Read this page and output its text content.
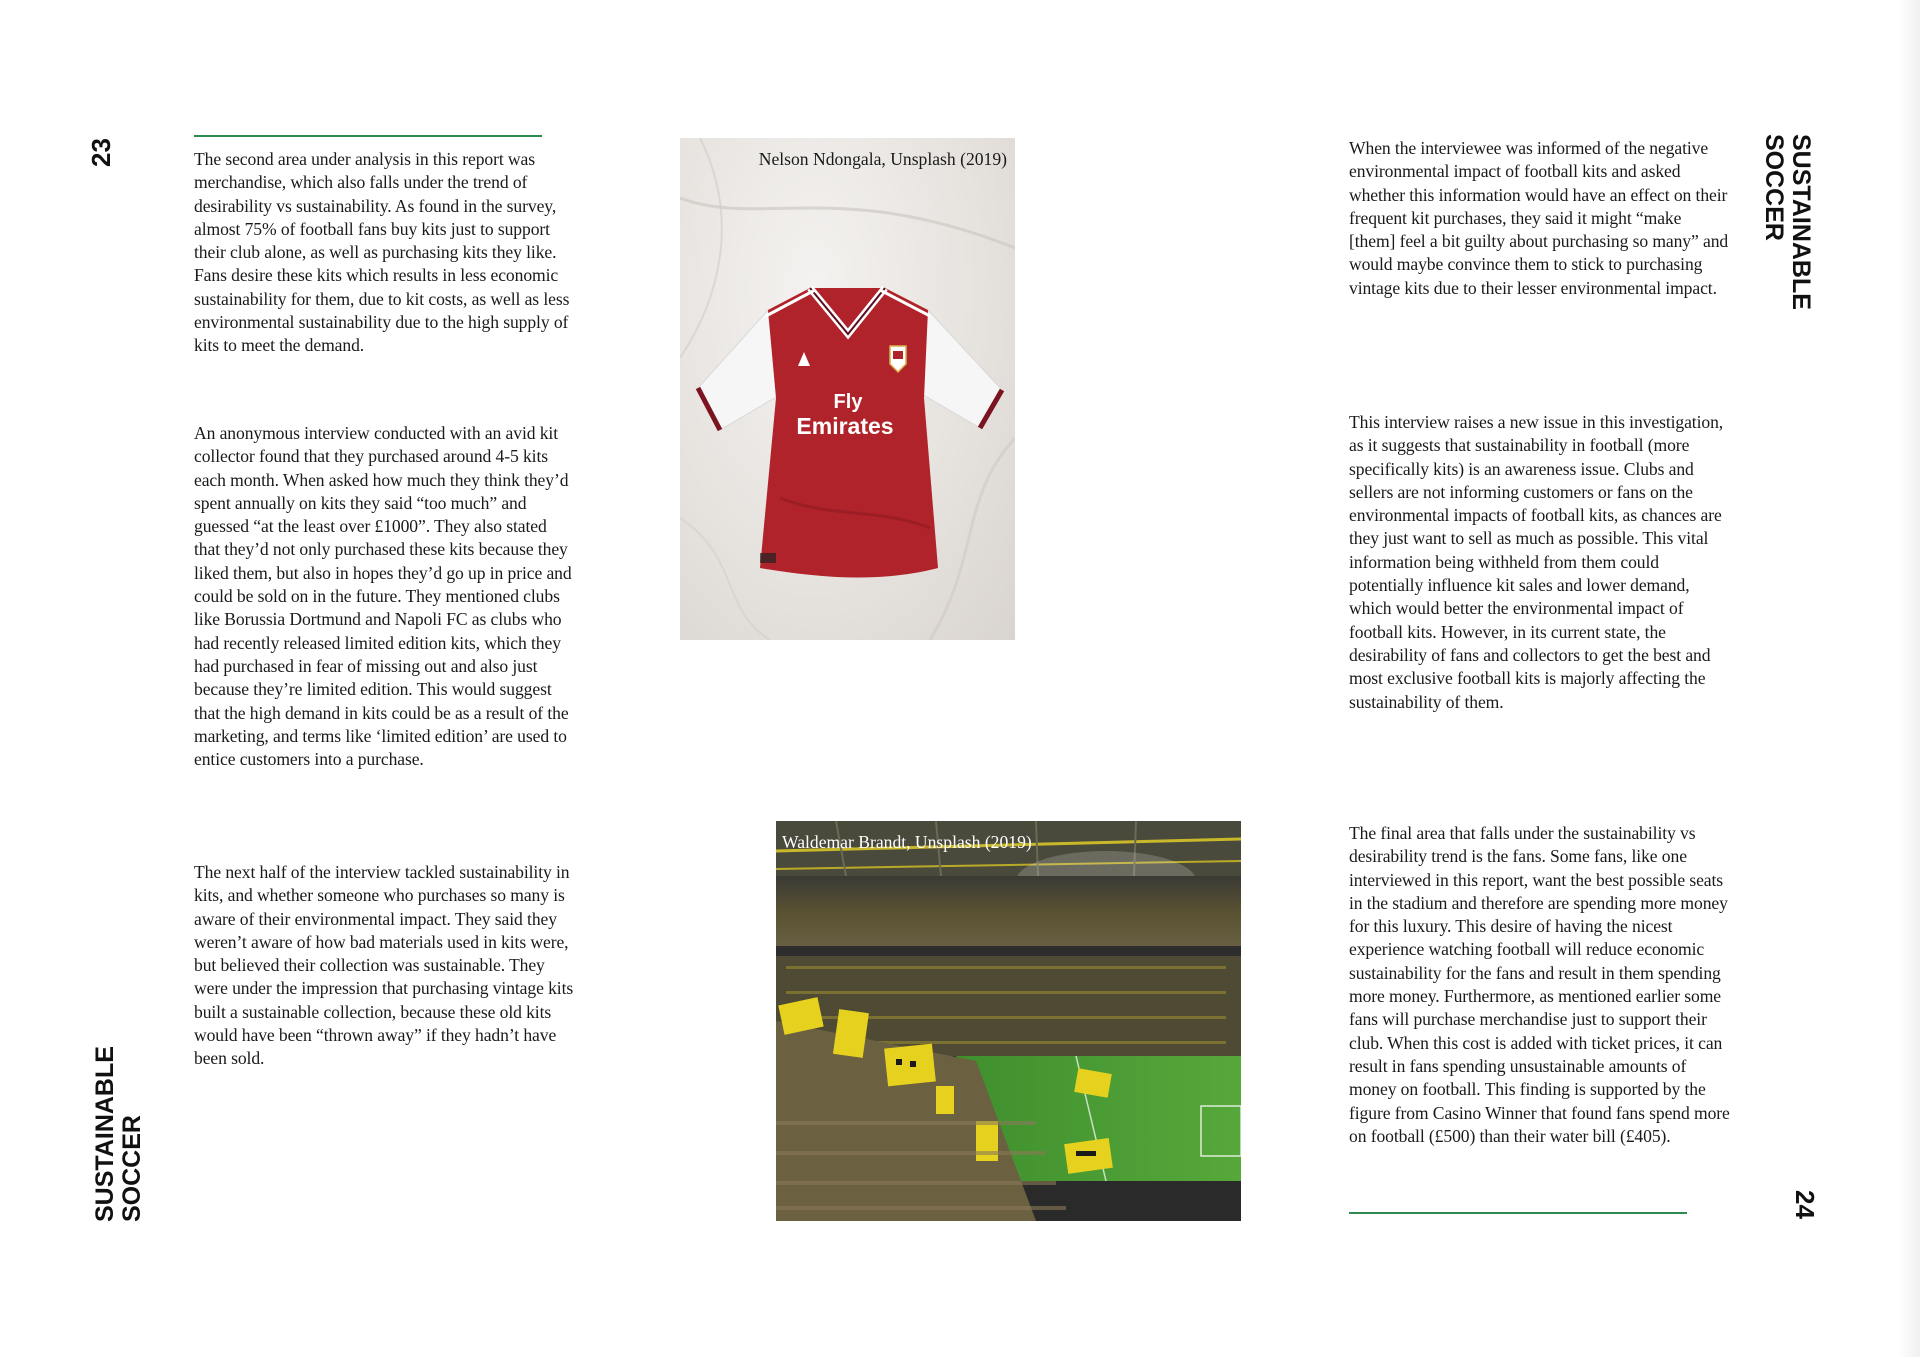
23
SUSTAINABLE
SOCCER

The second area under analysis in this report was merchandise, which also falls under the trend of desirability vs sustainability. As found in the survey, almost 75% of football fans buy kits just to support their club alone, as well as purchasing kits they like. Fans desire these kits which results in less economic sustainability for them, due to kit costs, as well as less environmental sustainability due to the high supply of kits to meet the demand.

An anonymous interview conducted with an avid kit collector found that they purchased around 4-5 kits each month. When asked how much they think they’d spent annually on kits they said “too much” and guessed “at the least over £1000”. They also stated that they’d not only purchased these kits because they liked them, but also in hopes they’d go up in price and could be sold on in the future. They mentioned clubs like Borussia Dortmund and Napoli FC as clubs who had recently released limited edition kits, which they had purchased in fear of missing out and also just because they’re limited edition. This would suggest that the high demand in kits could be as a result of the marketing, and terms like ‘limited edition’ are used to entice customers into a purchase.

The next half of the interview tackled sustainability in kits, and whether someone who purchases so many is aware of their environmental impact. They said they weren’t aware of how bad materials used in kits were, but believed their collection was sustainable. They were under the impression that purchasing vintage kits built a sustainable collection, because these old kits would have been “thrown away” if they hadn’t have been sold.

Fly
Emirates
Nelson Ndongala, Unsplash (2019)
Waldemar Brandt, Unsplash (2019)

When the interviewee was informed of the negative environmental impact of football kits and asked whether this information would have an effect on their frequent kit purchases, they said it might “make [them] feel a bit guilty about purchasing so many” and would maybe convince them to stick to purchasing vintage kits due to their lesser environmental impact.

This interview raises a new issue in this investigation, as it suggests that sustainability in football (more specifically kits) is an awareness issue. Clubs and sellers are not informing customers or fans on the environmental impacts of football kits, as chances are they just want to sell as much as possible. This vital information being withheld from them could potentially influence kit sales and lower demand, which would better the environmental impact of football kits. However, in its current state, the desirability of fans and collectors to get the best and most exclusive football kits is majorly affecting the sustainability of them.

The final area that falls under the sustainability vs desirability trend is the fans. Some fans, like one interviewed in this report, want the best possible seats in the stadium and therefore are spending more money for this luxury. This desire of having the nicest experience watching football will reduce economic sustainability for the fans and result in them spending more money. Furthermore, as mentioned earlier some fans will purchase merchandise just to support their club. When this cost is added with ticket prices, it can result in fans spending unsustainable amounts of money on football. This finding is supported by the figure from Casino Winner that found fans spend more on football (£500) than their water bill (£405).

SUSTAINABLE
SOCCER
24
